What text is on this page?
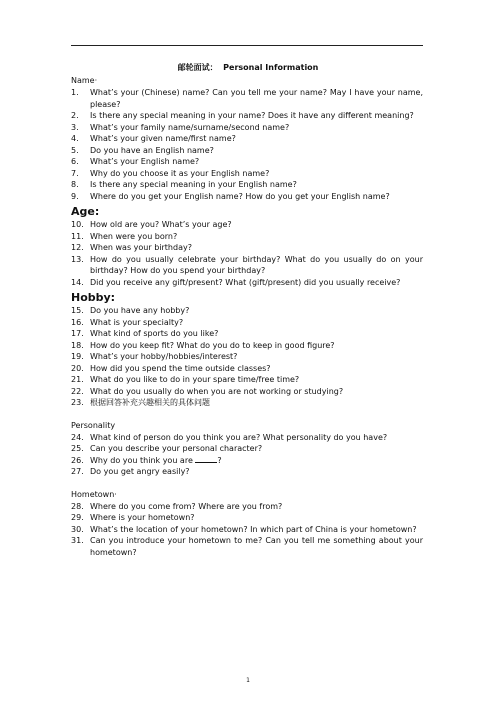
邮轮面试：  Personal Information
Name·
1.	What’s your (Chinese) name? Can you tell me your name? May I have your name, please?
2.	Is there any special meaning in your name? Does it have any different meaning?
3.	What’s your family name/surname/second name?
4.	What’s your given name/first name?
5.	Do you have an English name?
6.	What’s your English name?
7.	Why do you choose it as your English name?
8.	Is there any special meaning in your English name?
9.	Where do you get your English name? How do you get your English name?
Age:
10. How old are you? What’s your age?
11. When were you born?
12. When was your birthday?
13. How do you usually celebrate your birthday? What do you usually do on your birthday? How do you spend your birthday?
14. Did you receive any gift/present? What (gift/present) did you usually receive?
Hobby:
15. Do you have any hobby?
16. What is your specialty?
17. What kind of sports do you like?
18. How do you keep fit? What do you do to keep in good figure?
19. What’s your hobby/hobbies/interest?
20. How did you spend the time outside classes?
21. What do you like to do in your spare time/free time?
22. What do you usually do when you are not working or studying?
23. 根据回答补充兴趣相关的具体问题
Personality
24. What kind of person do you think you are? What personality do you have?
25. Can you describe your personal character?
26. Why do you think you are	?
27. Do you get angry easily?
Hometown·
28. Where do you come from? Where are you from?
29. Where is your hometown?
30. What’s the location of your hometown? In which part of China is your hometown?
31. Can you introduce your hometown to me? Can you tell me something about your hometown?
1
